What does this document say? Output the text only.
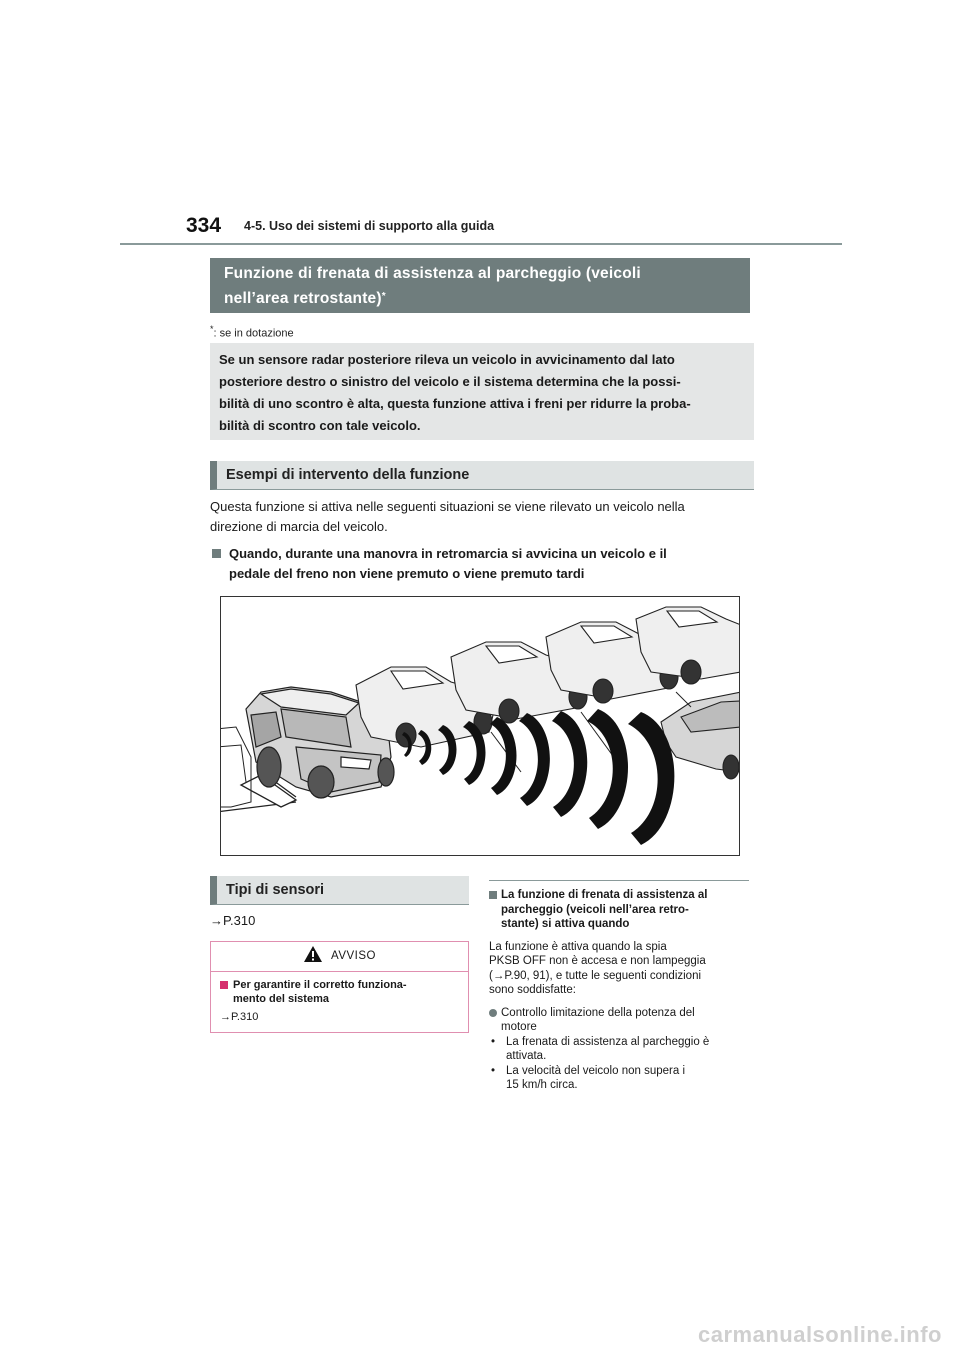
334 4-5. Uso dei sistemi di supporto alla guida
Funzione di frenata di assistenza al parcheggio (veicoli
nell’area retrostante)*
*: se in dotazione
Se un sensore radar posteriore rileva un veicolo in avvicinamento dal lato
posteriore destro o sinistro del veicolo e il sistema determina che la possi-
bilità di uno scontro è alta, questa funzione attiva i freni per ridurre la proba-
bilità di scontro con tale veicolo.
Esempi di intervento della funzione
Questa funzione si attiva nelle seguenti situazioni se viene rilevato un veicolo nella
direzione di marcia del veicolo.
Quando, durante una manovra in retromarcia si avvicina un veicolo e il
pedale del freno non viene premuto o viene premuto tardi
Tipi di sensori
→P.310
AVVISO
Per garantire il corretto funziona-
mento del sistema
→P.310
La funzione di frenata di assistenza al
parcheggio (veicoli nell’area retro-
stante) si attiva quando
La funzione è attiva quando la spia
PKSB OFF non è accesa e non lampeggia
(→P.90, 91), e tutte le seguenti condizioni
sono soddisfatte:
Controllo limitazione della potenza del
motore
• La frenata di assistenza al parcheggio è
attivata.
• La velocità del veicolo non supera i
15 km/h circa.
carmanualsonline.info
